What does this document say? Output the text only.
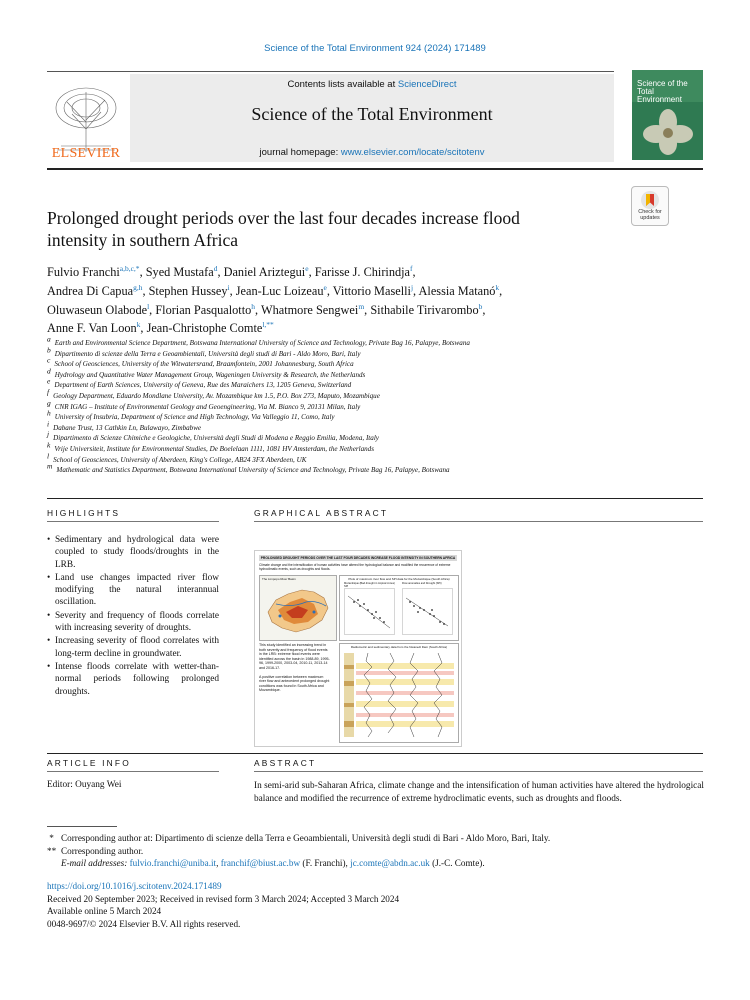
Science of the Total Environment 924 (2024) 171489
ELSEVIER
Contents lists available at ScienceDirect
Science of the Total Environment
journal homepage: www.elsevier.com/locate/scitotenv
Science of the Total Environment
Check for updates
Prolonged drought periods over the last four decades increase flood
intensity in southern Africa
Fulvio Franchi$^{a,b,c,*}$, Syed Mustafa$^d$, Daniel Ariztegui$^e$, Farisse J. Chirindja$^f$,
Andrea Di Capua$^{g,h}$, Stephen Hussey$^i$, Jean-Luc Loizeau$^e$, Vittorio Maselli$^j$, Alessia Matanó$^k$,
Oluwaseun Olabode$^l$, Florian Pasqualotto$^h$, Whatmore Sengwei$^m$, Sithabile Tirivarombo$^b$,
Anne F. Van Loon$^k$, Jean-Christophe Comte$^{l,**}$
$^a$ Earth and Environmental Science Department, Botswana International University of Science and Technology, Private Bag 16, Palapye, Botswana
$^b$ Dipartimento di scienze della Terra e Geoambientali, Università degli studi di Bari - Aldo Moro, Bari, Italy
$^c$ School of Geosciences, University of the Witwatersrand, Braamfontein, 2001 Johannesburg, South Africa
$^d$ Hydrology and Quantitative Water Management Group, Wageningen University & Research, the Netherlands
$^e$ Department of Earth Sciences, University of Geneva, Rue des Maraichers 13, 1205 Geneva, Switzerland
$^f$ Geology Department, Eduardo Mondlane University, Av. Mozambique km 1.5, P.O. Box 273, Maputo, Mozambique
$^g$ CNR IGAG – Institute of Environmental Geology and Geoengineering, Via M. Bianco 9, 20131 Milan, Italy
$^h$ University of Insubria, Department of Science and High Technology, Via Valleggio 11, Como, Italy
$^i$ Dabane Trust, 13 Cathkin Ln, Bulawayo, Zimbabwe
$^j$ Dipartimento di Scienze Chimiche e Geologiche, Università degli Studi di Modena e Reggio Emilia, Modena, Italy
$^k$ Vrije Universiteit, Institute for Environmental Studies, De Boelelaan 1111, 1081 HV Amsterdam, the Netherlands
$^l$ School of Geosciences, University of Aberdeen, King's College, AB24 3FX Aberdeen, UK
$^m$ Mathematic and Statistics Department, Botswana International University of Science and Technology, Private Bag 16, Palapye, Botswana
HIGHLIGHTS	GRAPHICAL ABSTRACT
• Sedimentary and hydrological data were coupled to study floods/droughts in the LRB.
• Land use changes impacted river flow modifying the natural interannual oscillation.
• Severity and frequency of floods correlate with increasing severity of droughts.
• Increasing severity of flood correlates with long-term decline in groundwater.
• Intense floods correlate with wetter-than-normal periods following prolonged droughts.
PROLONGED DROUGHT PERIODS OVER THE LAST FOUR DECADES INCREASE FLOOD INTENSITY IN SOUTHERN AFRICA
Climate change and the intensification of human activities have altered the hydrological balance and modified the recurrence of extreme hydroclimatic events, such as droughts and floods.
The Limpopo River Basin	Plots of maximum river flow and SPI data for the Mozambique (South Africa)
Mozambique (Bad drought in tropical zones) SPI
Flow anomalies and Drought (SPI)
This study identified an increasing trend in both severity and frequency of flood events in the LRB: extreme flood events were identified across the basin in 1988-89, 1995-96, 1999-2000, 2003-04, 2010-11, 2013-14 and 2016-17.
A positive correlation between maximum river flow and antecedent prolonged drought conditions was found in South Africa and Mozambique.
Radiometric and sedimentary data from the Nwanedi Dam (South Africa)
ARTICLE INFO	ABSTRACT
Editor: Ouyang Wei	In semi-arid sub-Saharan Africa, climate change and the intensification of human activities have altered the hydrological balance and modified the recurrence of extreme hydroclimatic events, such as droughts and floods.
* Corresponding author at: Dipartimento di scienze della Terra e Geoambientali, Università degli studi di Bari - Aldo Moro, Bari, Italy.
** Corresponding author.
E-mail addresses: fulvio.franchi@uniba.it, franchif@biust.ac.bw (F. Franchi), jc.comte@abdn.ac.uk (J.-C. Comte).
https://doi.org/10.1016/j.scitotenv.2024.171489
Received 20 September 2023; Received in revised form 3 March 2024; Accepted 3 March 2024
Available online 5 March 2024
0048-9697/© 2024 Elsevier B.V. All rights reserved.
